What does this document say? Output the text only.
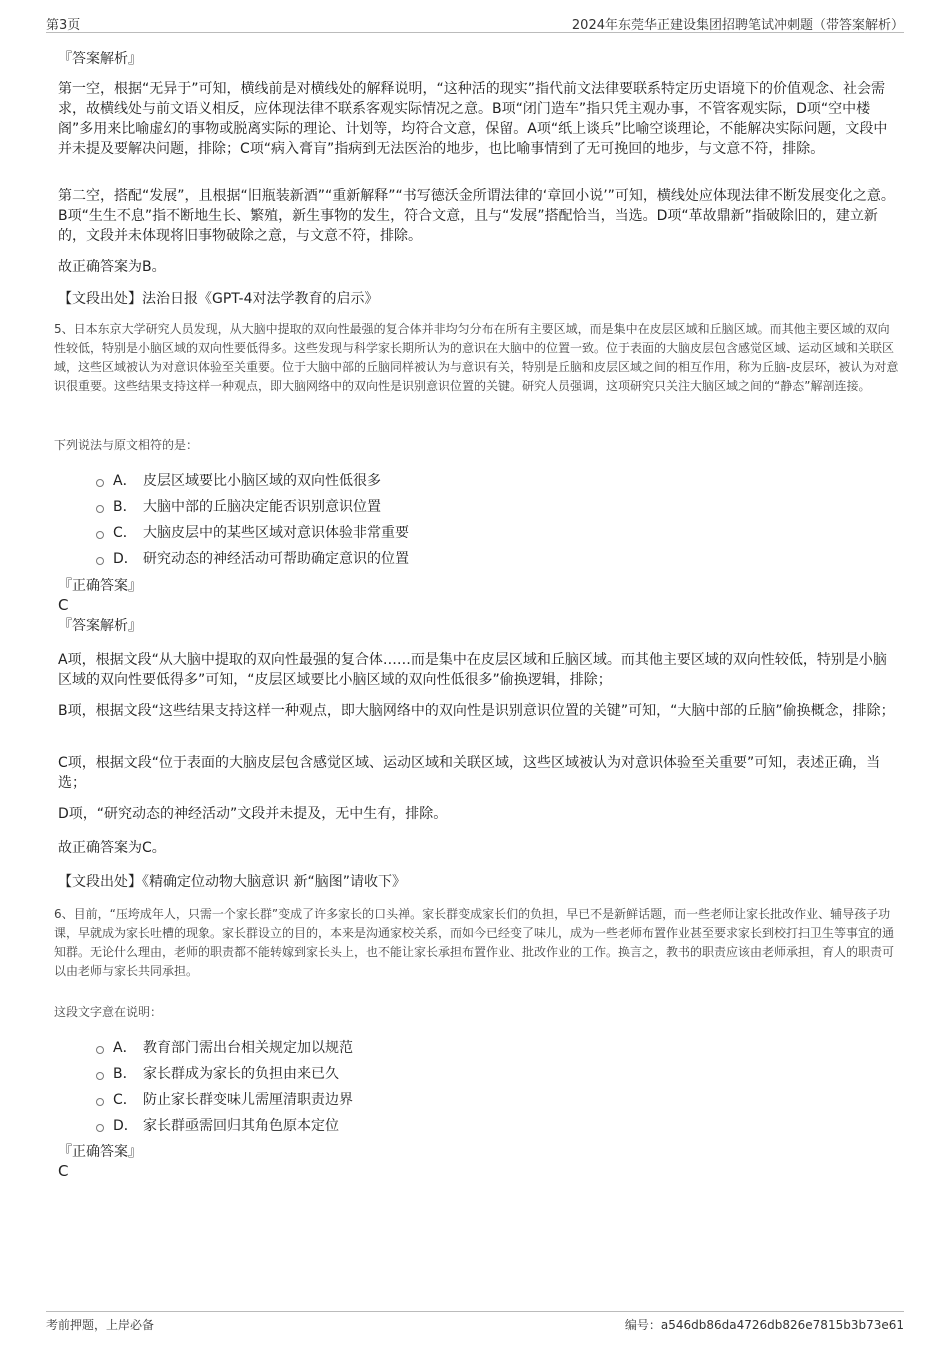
第3页	2024年东莞华正建设集团招聘笔试冲刺题（带答案解析）

『答案解析』

第一空，根据“无异于”可知，横线前是对横线处的解释说明，“这种活的现实”指代前文法律要联系特定历史语境下的价值观念、社会需求，故横线处与前文语义相反，应体现法律不联系客观实际情况之意。B项“闭门造车”指只凭主观办事，不管客观实际，D项“空中楼阁”多用来比喻虚幻的事物或脱离实际的理论、计划等，均符合文意，保留。A项“纸上谈兵”比喻空谈理论，不能解决实际问题，文段中并未提及要解决问题，排除；C项“病入膏肓”指病到无法医治的地步，也比喻事情到了无可挽回的地步，与文意不符，排除。

第二空，搭配“发展”，且根据“旧瓶装新酒”“重新解释”“书写德沃金所谓法律的‘章回小说’”可知，横线处应体现法律不断发展变化之意。B项“生生不息”指不断地生长、繁殖，新生事物的发生，符合文意，且与“发展”搭配恰当，当选。D项“革故鼎新”指破除旧的，建立新的，文段并未体现将旧事物破除之意，与文意不符，排除。

故正确答案为B。

【文段出处】法治日报《GPT-4对法学教育的启示》

5、日本东京大学研究人员发现，从大脑中提取的双向性最强的复合体并非均匀分布在所有主要区域，而是集中在皮层区域和丘脑区域。而其他主要区域的双向性较低，特别是小脑区域的双向性要低得多。这些发现与科学家长期所认为的意识在大脑中的位置一致。位于表面的大脑皮层包含感觉区域、运动区域和关联区域，这些区域被认为对意识体验至关重要。位于大脑中部的丘脑同样被认为与意识有关，特别是丘脑和皮层区域之间的相互作用，称为丘脑-皮层环，被认为对意识很重要。这些结果支持这样一种观点，即大脑网络中的双向性是识别意识位置的关键。研究人员强调，这项研究只关注大脑区域之间的“静态”解剖连接。

下列说法与原文相符的是：

A． 皮层区域要比小脑区域的双向性低很多
B． 大脑中部的丘脑决定能否识别意识位置
C． 大脑皮层中的某些区域对意识体验非常重要
D． 研究动态的神经活动可帮助确定意识的位置

『正确答案』

C

『答案解析』

A项，根据文段“从大脑中提取的双向性最强的复合体……而是集中在皮层区域和丘脑区域。而其他主要区域的双向性较低，特别是小脑区域的双向性要低得多”可知，“皮层区域要比小脑区域的双向性低很多”偷换逻辑，排除；

B项，根据文段“这些结果支持这样一种观点，即大脑网络中的双向性是识别意识位置的关键”可知，“大脑中部的丘脑”偷换概念，排除；

C项，根据文段“位于表面的大脑皮层包含感觉区域、运动区域和关联区域，这些区域被认为对意识体验至关重要”可知，表述正确，当选；

D项，“研究动态的神经活动”文段并未提及，无中生有，排除。

故正确答案为C。

【文段出处】《精确定位动物大脑意识 新“脑图”请收下》

6、目前，“压垮成年人，只需一个家长群”变成了许多家长的口头禅。家长群变成家长们的负担，早已不是新鲜话题，而一些老师让家长批改作业、辅导孩子功课，早就成为家长吐槽的现象。家长群设立的目的，本来是沟通家校关系，而如今已经变了味儿，成为一些老师布置作业甚至要求家长到校打扫卫生等事宜的通知群。无论什么理由，老师的职责都不能转嫁到家长头上，也不能让家长承担布置作业、批改作业的工作。换言之，教书的职责应该由老师承担，育人的职责可以由老师与家长共同承担。

这段文字意在说明：

A． 教育部门需出台相关规定加以规范
B． 家长群成为家长的负担由来已久
C． 防止家长群变味儿需厘清职责边界
D． 家长群亟需回归其角色原本定位

『正确答案』

C

考前押题，上岸必备	编号：a546db86da4726db826e7815b3b73e61
